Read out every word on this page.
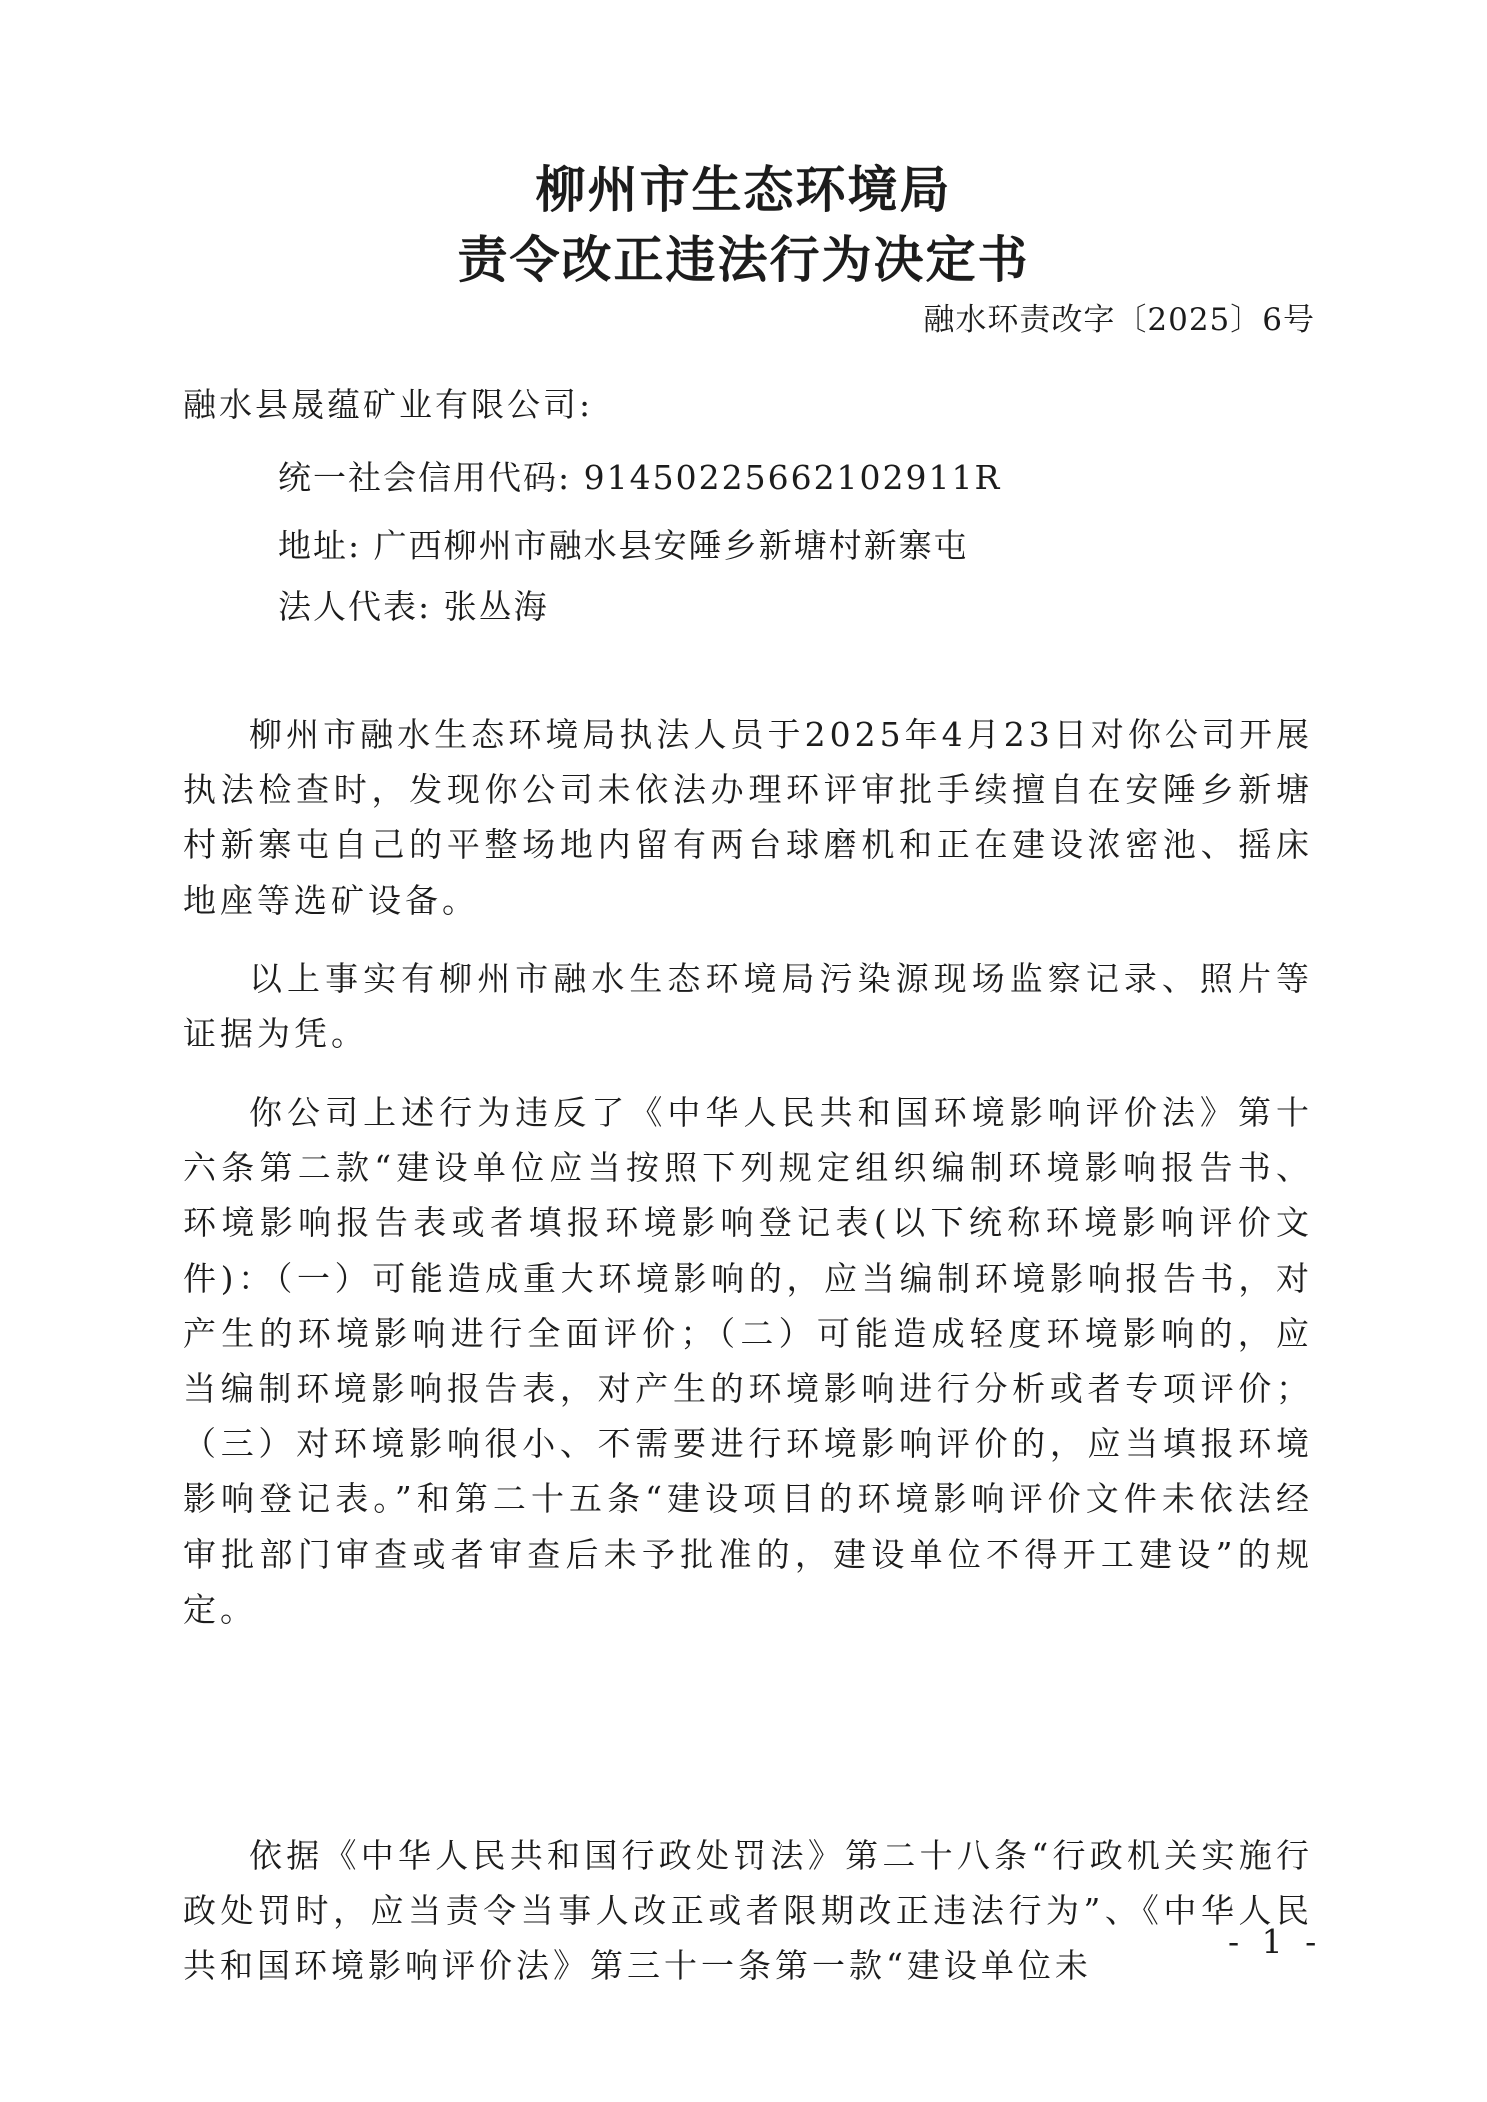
柳州市生态环境局
责令改正违法行为决定书
融水环责改字〔2025〕6号
融水县晟蕴矿业有限公司:
统一社会信用代码: 91450225662102911R
地址: 广西柳州市融水县安陲乡新塘村新寨屯
法人代表: 张丛海

柳州市融水生态环境局执法人员于2025年4月23日对你公司开展执法检查时，发现你公司未依法办理环评审批手续擅自在安陲乡新塘村新寨屯自己的平整场地内留有两台球磨机和正在建设浓密池、摇床地座等选矿设备。

以上事实有柳州市融水生态环境局污染源现场监察记录、照片等证据为凭。

你公司上述行为违反了《中华人民共和国环境影响评价法》第十六条第二款“建设单位应当按照下列规定组织编制环境影响报告书、环境影响报告表或者填报环境影响登记表(以下统称环境影响评价文件)：（一）可能造成重大环境影响的，应当编制环境影响报告书，对产生的环境影响进行全面评价；（二）可能造成轻度环境影响的，应当编制环境影响报告表，对产生的环境影响进行分析或者专项评价；（三）对环境影响很小、不需要进行环境影响评价的，应当填报环境影响登记表。”和第二十五条“建设项目的环境影响评价文件未依法经审批部门审查或者审查后未予批准的，建设单位不得开工建设”的规定。

依据《中华人民共和国行政处罚法》第二十八条“行政机关实施行政处罚时，应当责令当事人改正或者限期改正违法行为”、《中华人民共和国环境影响评价法》第三十一条第一款“建设单位未

- 1 -
